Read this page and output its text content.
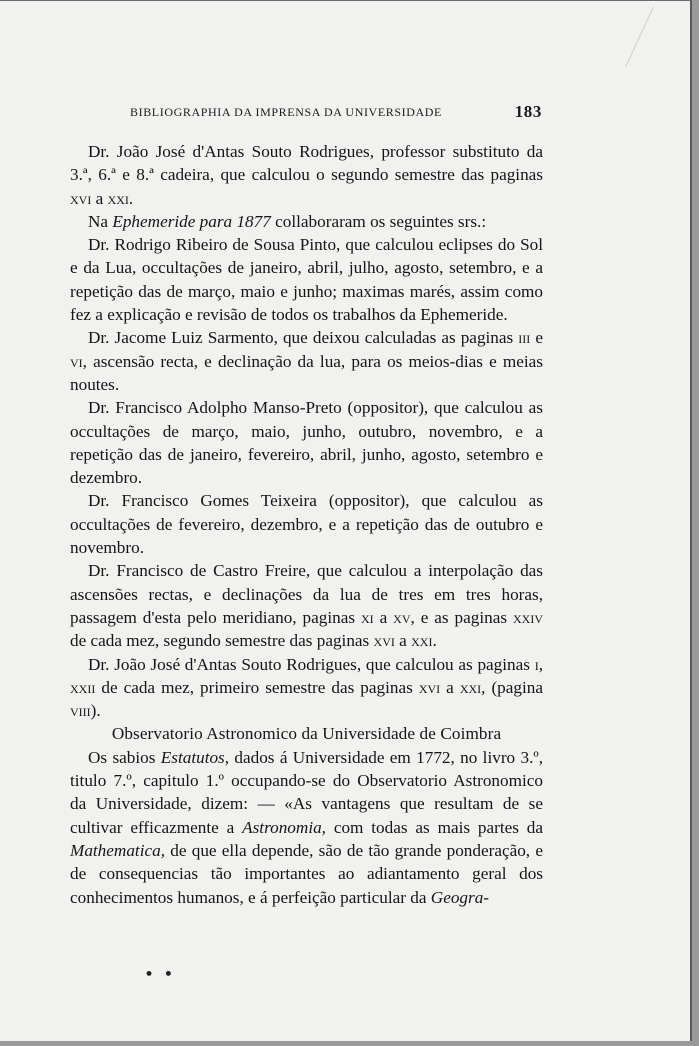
BIBLIOGRAPHIA DA IMPRENSA DA UNIVERSIDADE	183

Dr. João José d'Antas Souto Rodrigues, professor substituto da 3.ª, 6.ª e 8.ª cadeira, que calculou o segundo semestre das paginas xvi a xxi.

Na Ephemeride para 1877 collaboraram os seguintes srs.:

Dr. Rodrigo Ribeiro de Sousa Pinto, que calculou eclipses do Sol e da Lua, occultações de janeiro, abril, julho, agosto, setembro, e a repetição das de março, maio e junho; maximas marés, assim como fez a explicação e revisão de todos os trabalhos da Ephemeride.

Dr. Jacome Luiz Sarmento, que deixou calculadas as paginas iii e vi, ascensão recta, e declinação da lua, para os meios-dias e meias noutes.

Dr. Francisco Adolpho Manso-Preto (oppositor), que calculou as occultações de março, maio, junho, outubro, novembro, e a repetição das de janeiro, fevereiro, abril, junho, agosto, setembro e dezembro.

Dr. Francisco Gomes Teixeira (oppositor), que calculou as occultações de fevereiro, dezembro, e a repetição das de outubro e novembro.

Dr. Francisco de Castro Freire, que calculou a interpolação das ascensões rectas, e declinações da lua de tres em tres horas, passagem d'esta pelo meridiano, paginas xi a xv, e as paginas xxiv de cada mez, segundo semestre das paginas xvi a xxi.

Dr. João José d'Antas Souto Rodrigues, que calculou as paginas i, xxii de cada mez, primeiro semestre das paginas xvi a xxi, (pagina viii).

Observatorio Astronomico da Universidade de Coimbra

Os sabios Estatutos, dados á Universidade em 1772, no livro 3.º, titulo 7.º, capitulo 1.º occupando-se do Observatorio Astronomico da Universidade, dizem: — «As vantagens que resultam de se cultivar efficazmente a Astronomia, com todas as mais partes da Mathematica, de que ella depende, são de tão grande ponderação, e de consequencias tão importantes ao adiantamento geral dos conhecimentos humanos, e á perfeição particular da Geogra-

• •
